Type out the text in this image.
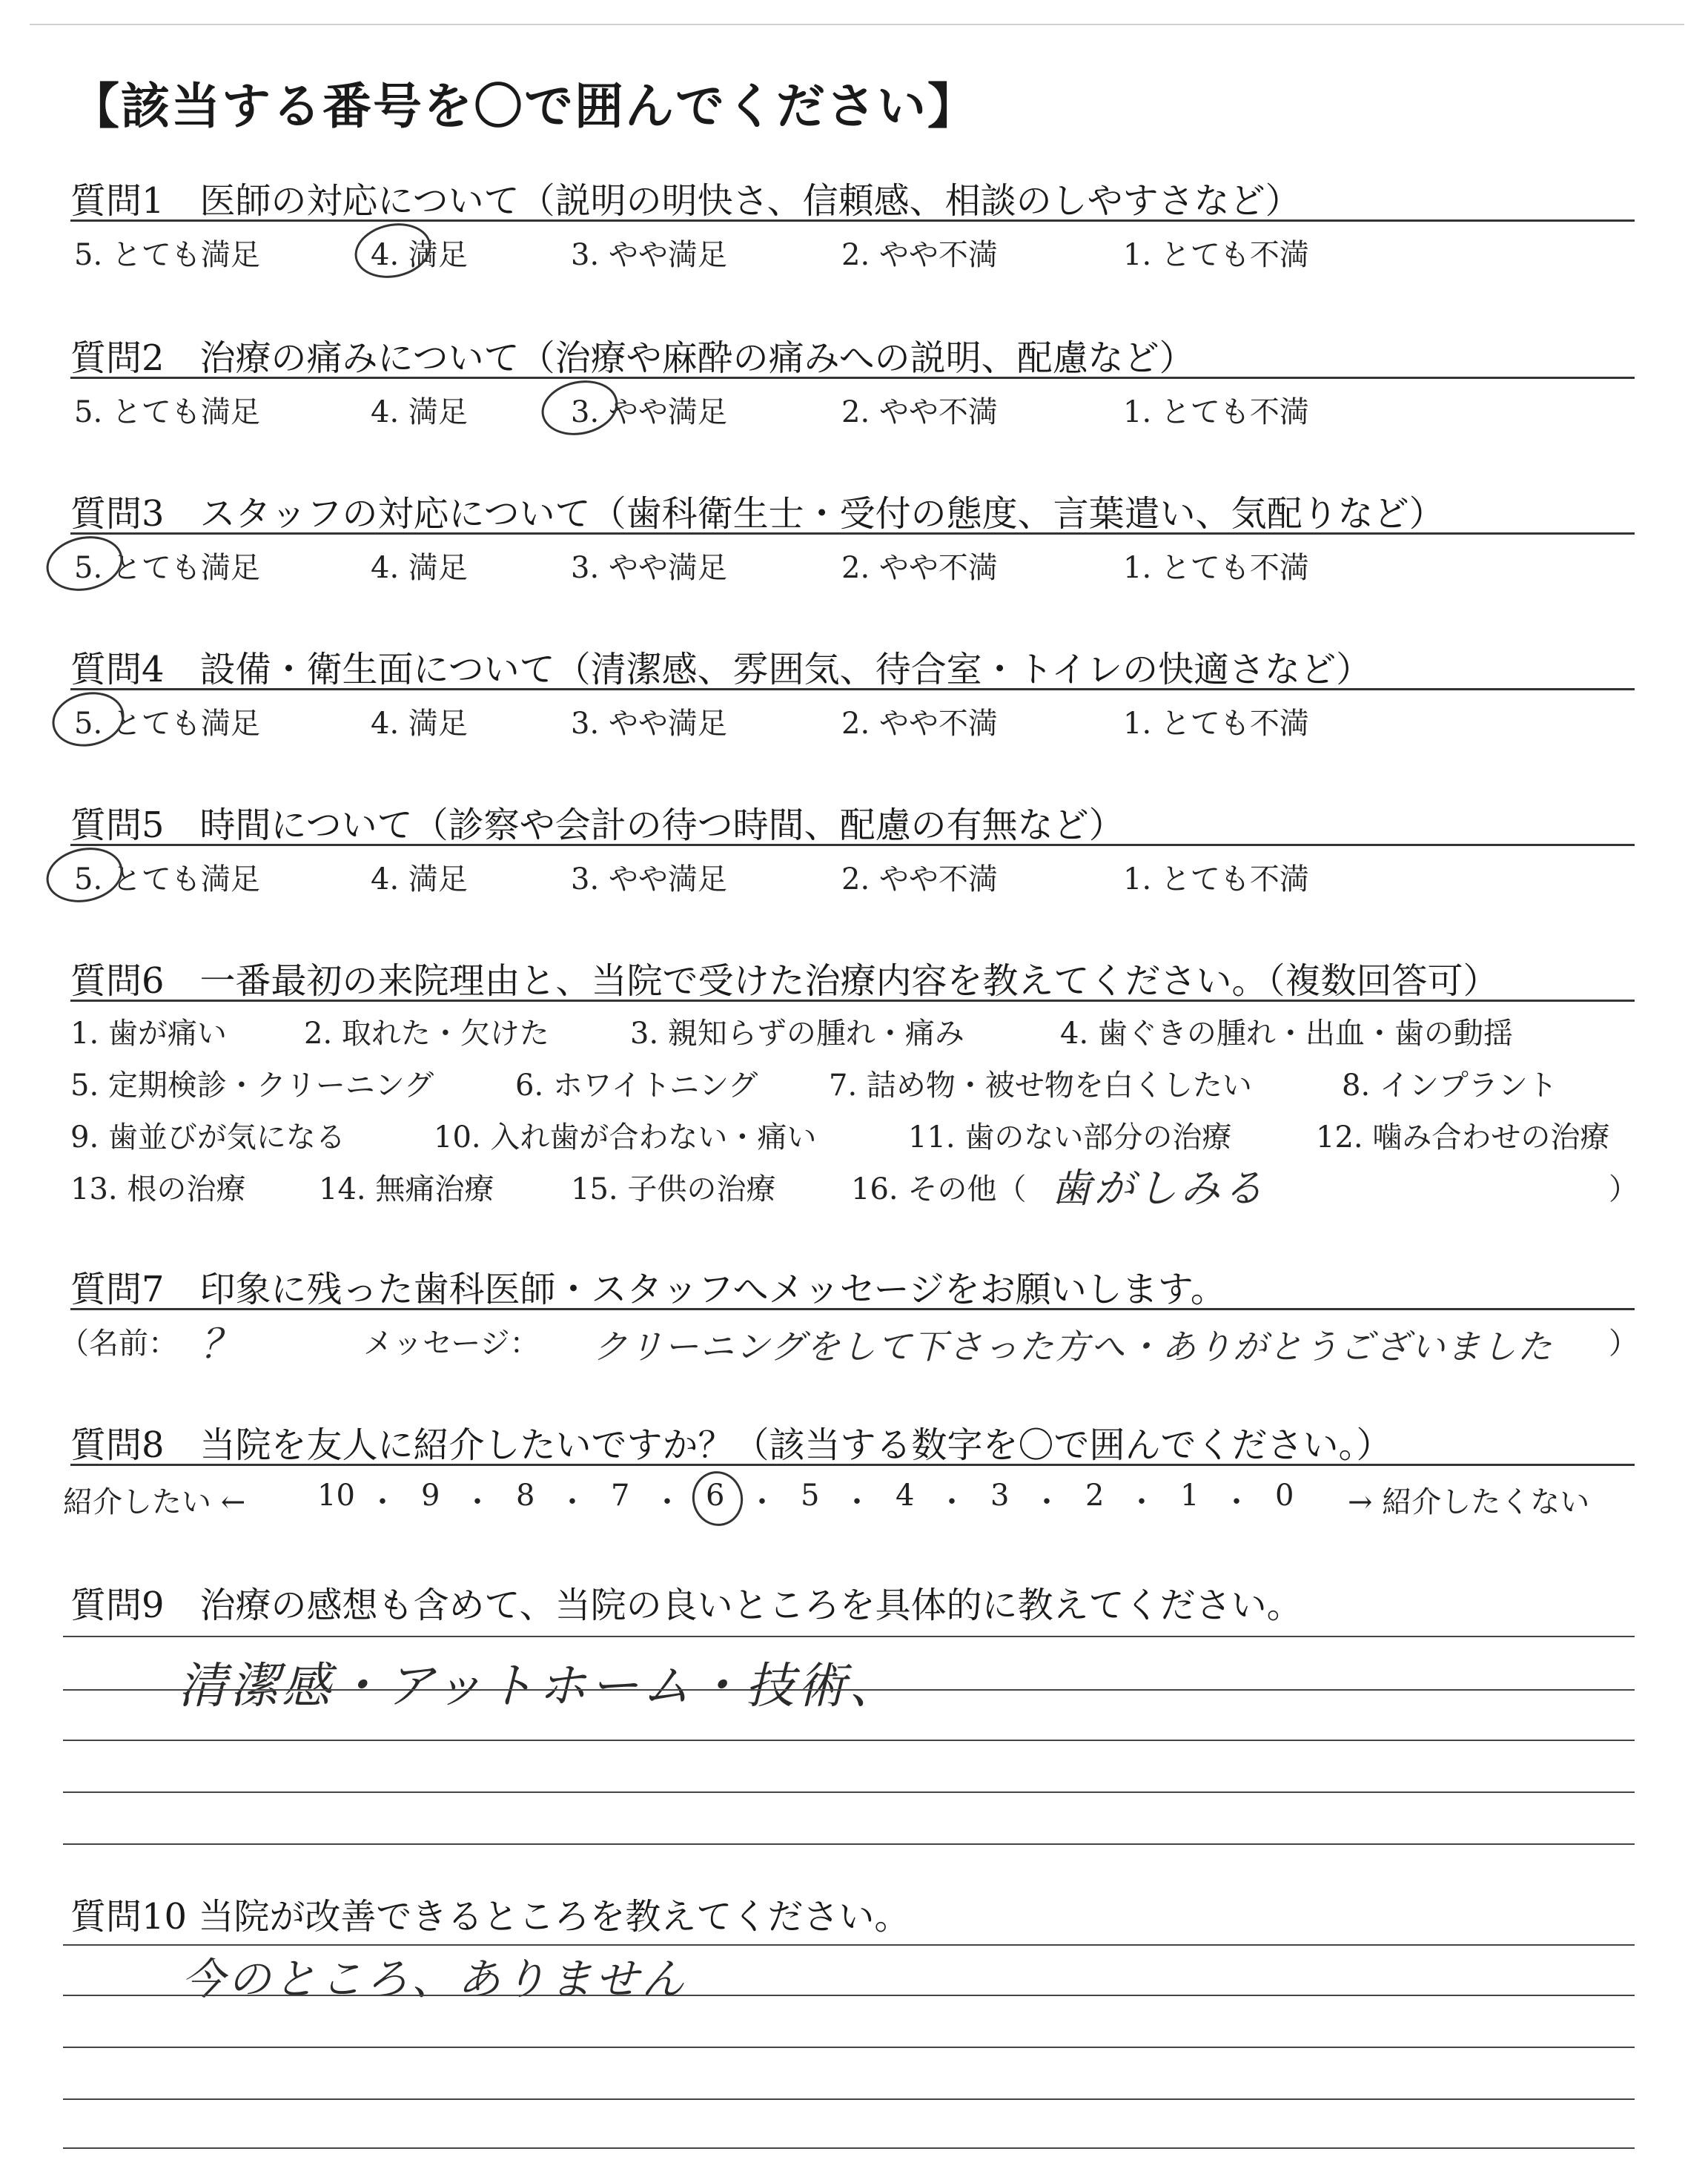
【該当する番号を〇で囲んでください】
質問1　医師の対応について（説明の明快さ、信頼感、相談のしやすさなど）
5. とても満足	4. 満足	3. やや満足	2. やや不満	1. とても不満
質問2　治療の痛みについて（治療や麻酔の痛みへの説明、配慮など）
5. とても満足	4. 満足	3. やや満足	2. やや不満	1. とても不満
質問3　スタッフの対応について（歯科衛生士・受付の態度、言葉遣い、気配りなど）
5. とても満足	4. 満足	3. やや満足	2. やや不満	1. とても不満
質問4　設備・衛生面について（清潔感、雰囲気、待合室・トイレの快適さなど）
5. とても満足	4. 満足	3. やや満足	2. やや不満	1. とても不満
質問5　時間について（診察や会計の待つ時間、配慮の有無など）
5. とても満足	4. 満足	3. やや満足	2. やや不満	1. とても不満
質問6　一番最初の来院理由と、当院で受けた治療内容を教えてください。（複数回答可）
1. 歯が痛い	2. 取れた・欠けた	3. 親知らずの腫れ・痛み	4. 歯ぐきの腫れ・出血・歯の動揺
5. 定期検診・クリーニング	6. ホワイトニング 7. 詰め物・被せ物を白くしたい	8. インプラント
9. 歯並びが気になる	10. 入れ歯が合わない・痛い	11. 歯のない部分の治療	12. 噛み合わせの治療
13. 根の治療 14. 無痛治療	15. 子供の治療	16. その他（ 歯がしみる	）
質問7　印象に残った歯科医師・スタッフへメッセージをお願いします。
（名前： ？	メッセージ： クリーニングをして下さった方へ・ありがとうございました ）
質問8　当院を友人に紹介したいですか？（該当する数字を〇で囲んでください。）
紹介したい ←	→ 紹介したくない
質問9　治療の感想も含めて、当院の良いところを具体的に教えてください。
清潔感・アットホーム・技術、
質問10 当院が改善できるところを教えてください。
今のところ、ありません
10 ・ 9 ・ 8 ・ 7 ・ 6 ・ 5 ・ 4 ・ 3 ・ 2 ・ 1 ・ 0
